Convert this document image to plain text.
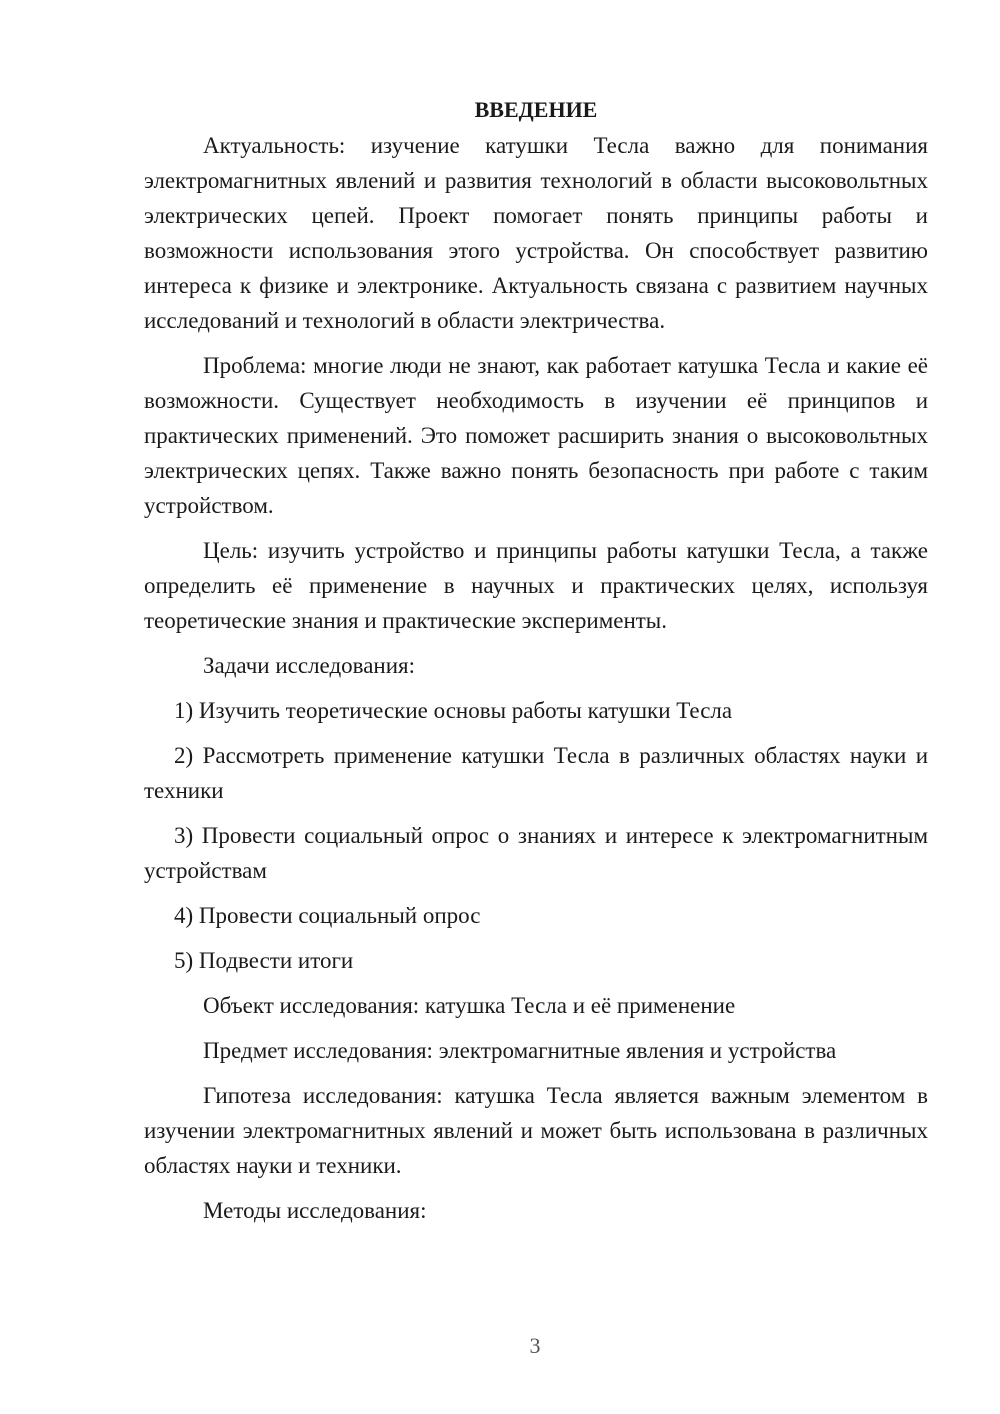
ВВЕДЕНИЕ

Актуальность: изучение катушки Тесла важно для понимания электромагнитных явлений и развития технологий в области высоковольтных электрических цепей. Проект помогает понять принципы работы и возможности использования этого устройства. Он способствует развитию интереса к физике и электронике. Актуальность связана с развитием научных исследований и технологий в области электричества.

Проблема: многие люди не знают, как работает катушка Тесла и какие её возможности. Существует необходимость в изучении её принципов и практических применений. Это поможет расширить знания о высоковольтных электрических цепях. Также важно понять безопасность при работе с таким устройством.

Цель: изучить устройство и принципы работы катушки Тесла, а также определить её применение в научных и практических целях, используя теоретические знания и практические эксперименты.

Задачи исследования:

1) Изучить теоретические основы работы катушки Тесла

2) Рассмотреть применение катушки Тесла в различных областях науки и техники

3) Провести социальный опрос о знаниях и интересе к электромагнитным устройствам

4) Провести социальный опрос

5) Подвести итоги

Объект исследования: катушка Тесла и её применение

Предмет исследования: электромагнитные явления и устройства

Гипотеза исследования: катушка Тесла является важным элементом в изучении электромагнитных явлений и может быть использована в различных областях науки и техники.

Методы исследования:

3
